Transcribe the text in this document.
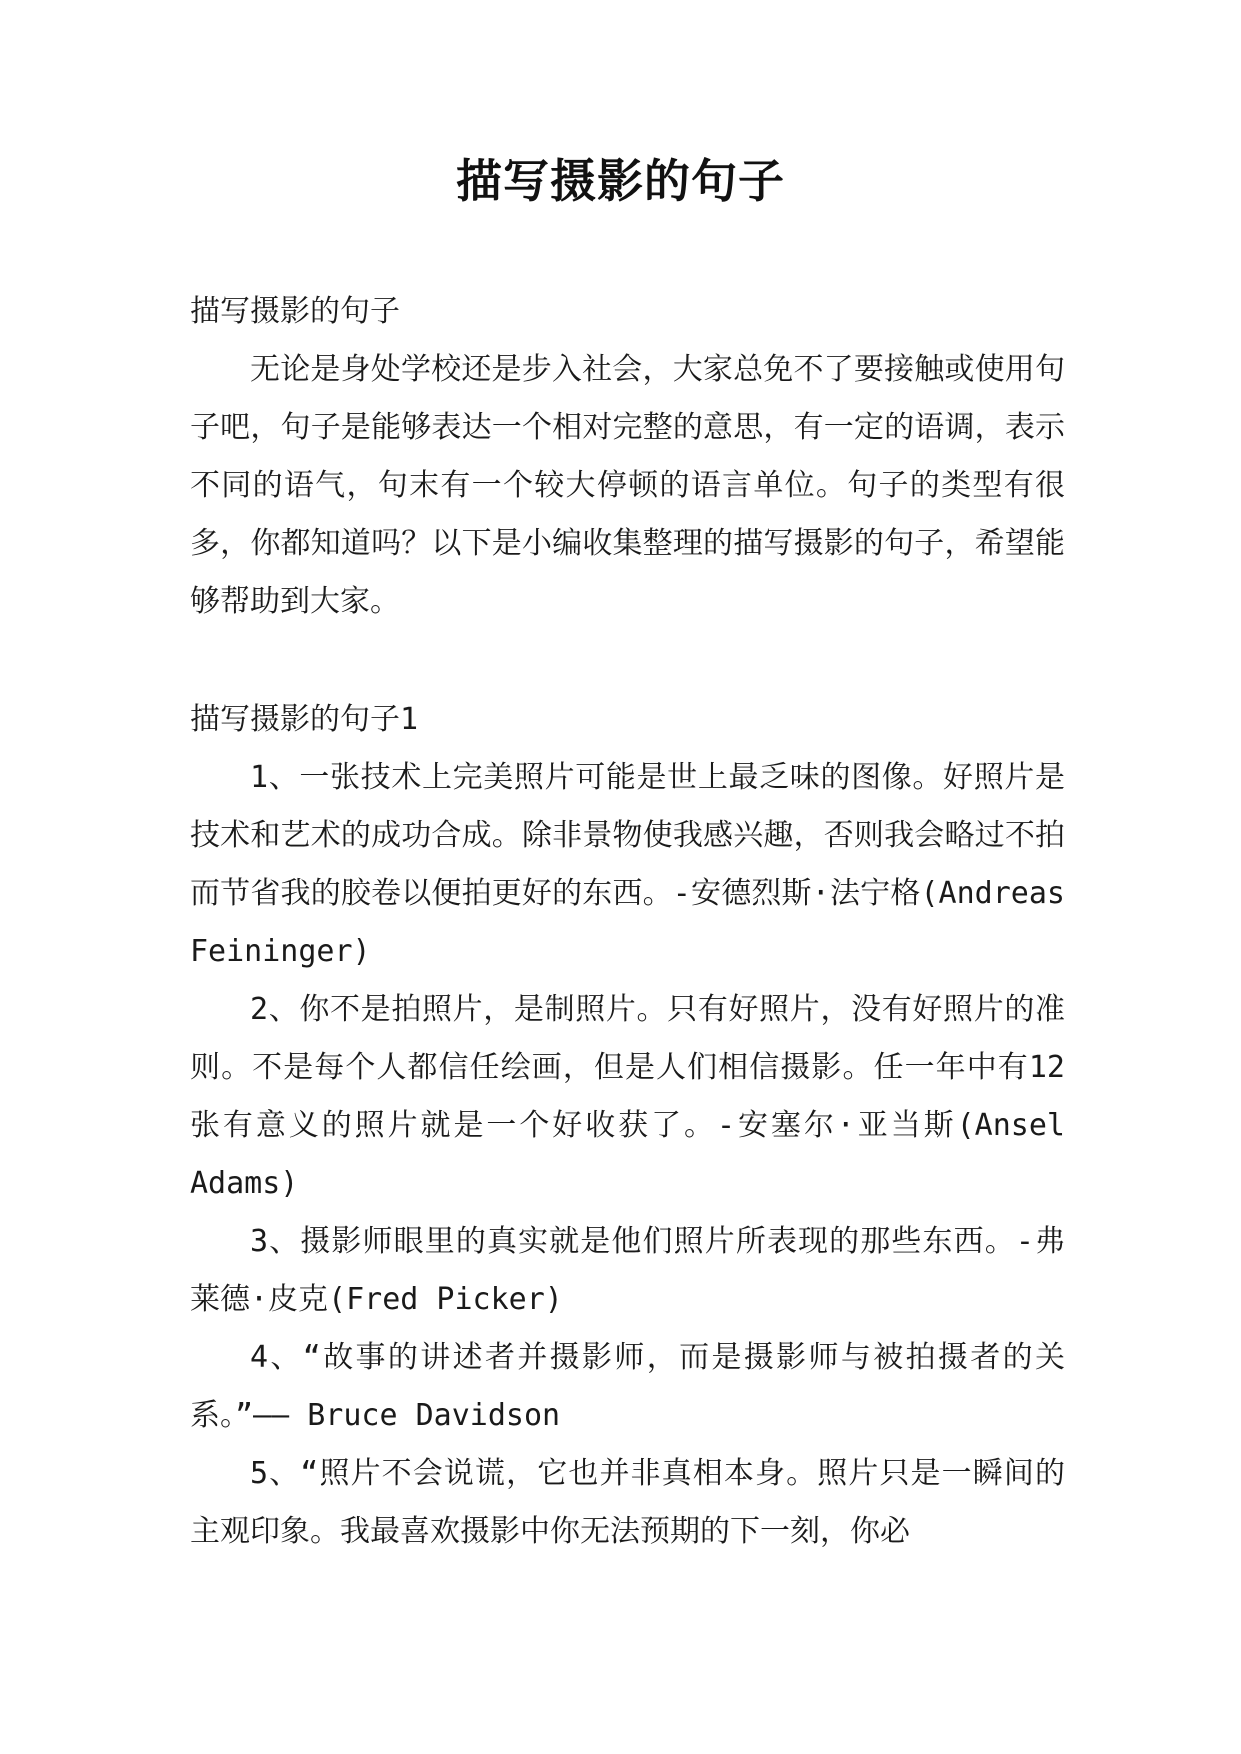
描写摄影的句子

描写摄影的句子

无论是身处学校还是步入社会，大家总免不了要接触或使用句子吧，句子是能够表达一个相对完整的意思，有一定的语调，表示不同的语气，句末有一个较大停顿的语言单位。句子的类型有很多，你都知道吗？以下是小编收集整理的描写摄影的句子，希望能够帮助到大家。

描写摄影的句子1

1、一张技术上完美照片可能是世上最乏味的图像。好照片是技术和艺术的成功合成。除非景物使我感兴趣，否则我会略过不拍而节省我的胶卷以便拍更好的东西。-安德烈斯·法宁格(Andreas Feininger)

2、你不是拍照片，是制照片。只有好照片，没有好照片的准则。不是每个人都信任绘画，但是人们相信摄影。任一年中有12张有意义的照片就是一个好收获了。-安塞尔·亚当斯(Ansel Adams)

3、摄影师眼里的真实就是他们照片所表现的那些东西。-弗莱德·皮克(Fred Picker)

4、“故事的讲述者并摄影师，而是摄影师与被拍摄者的关系。”—— Bruce Davidson

5、“照片不会说谎，它也并非真相本身。照片只是一瞬间的主观印象。我最喜欢摄影中你无法预期的下一刻，你必
